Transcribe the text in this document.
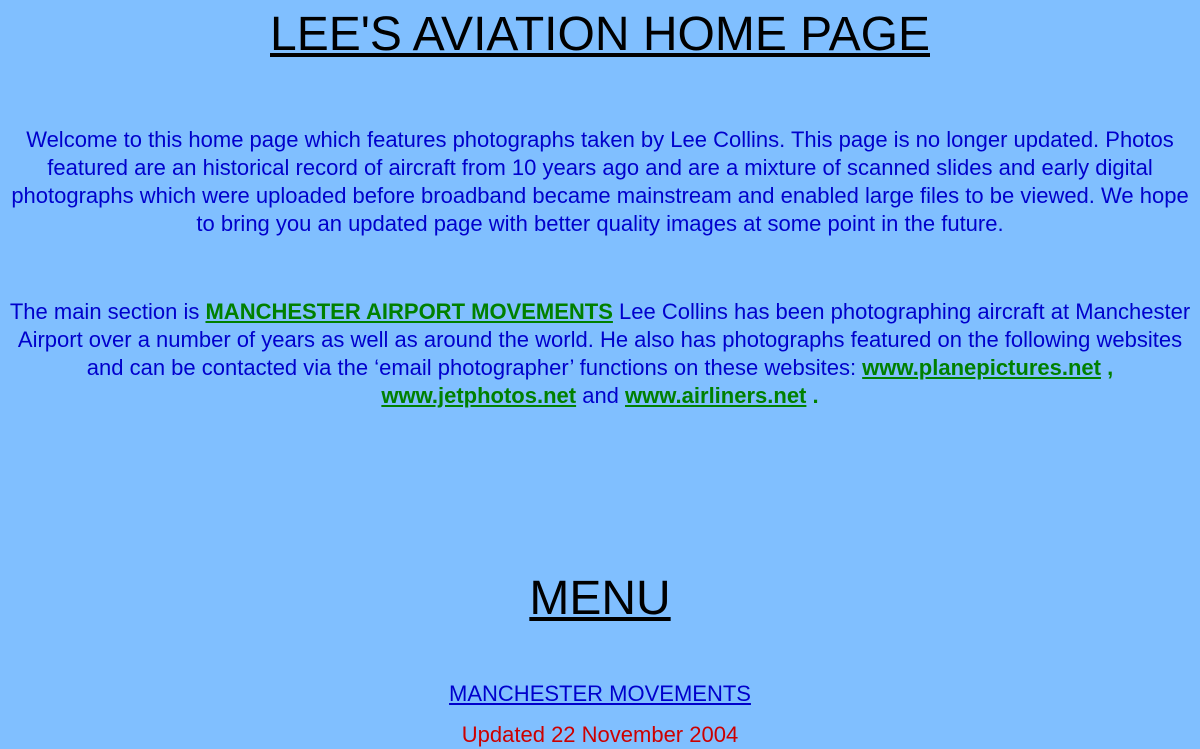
LEE'S AVIATION HOME PAGE

Welcome to this home page which features photographs taken by Lee Collins. This page is no longer updated. Photos featured are an historical record of aircraft from 10 years ago and are a mixture of scanned slides and early digital photographs which were uploaded before broadband became mainstream and enabled large files to be viewed. We hope to bring you an updated page with better quality images at some point in the future.

The main section is MANCHESTER AIRPORT MOVEMENTS Lee Collins has been photographing aircraft at Manchester Airport over a number of years as well as around the world. He also has photographs featured on the following websites and can be contacted via the ‘email photographer’ functions on these websites: www.planepictures.net , www.jetphotos.net and www.airliners.net .

MENU

MANCHESTER MOVEMENTS

Updated 22 November 2004
